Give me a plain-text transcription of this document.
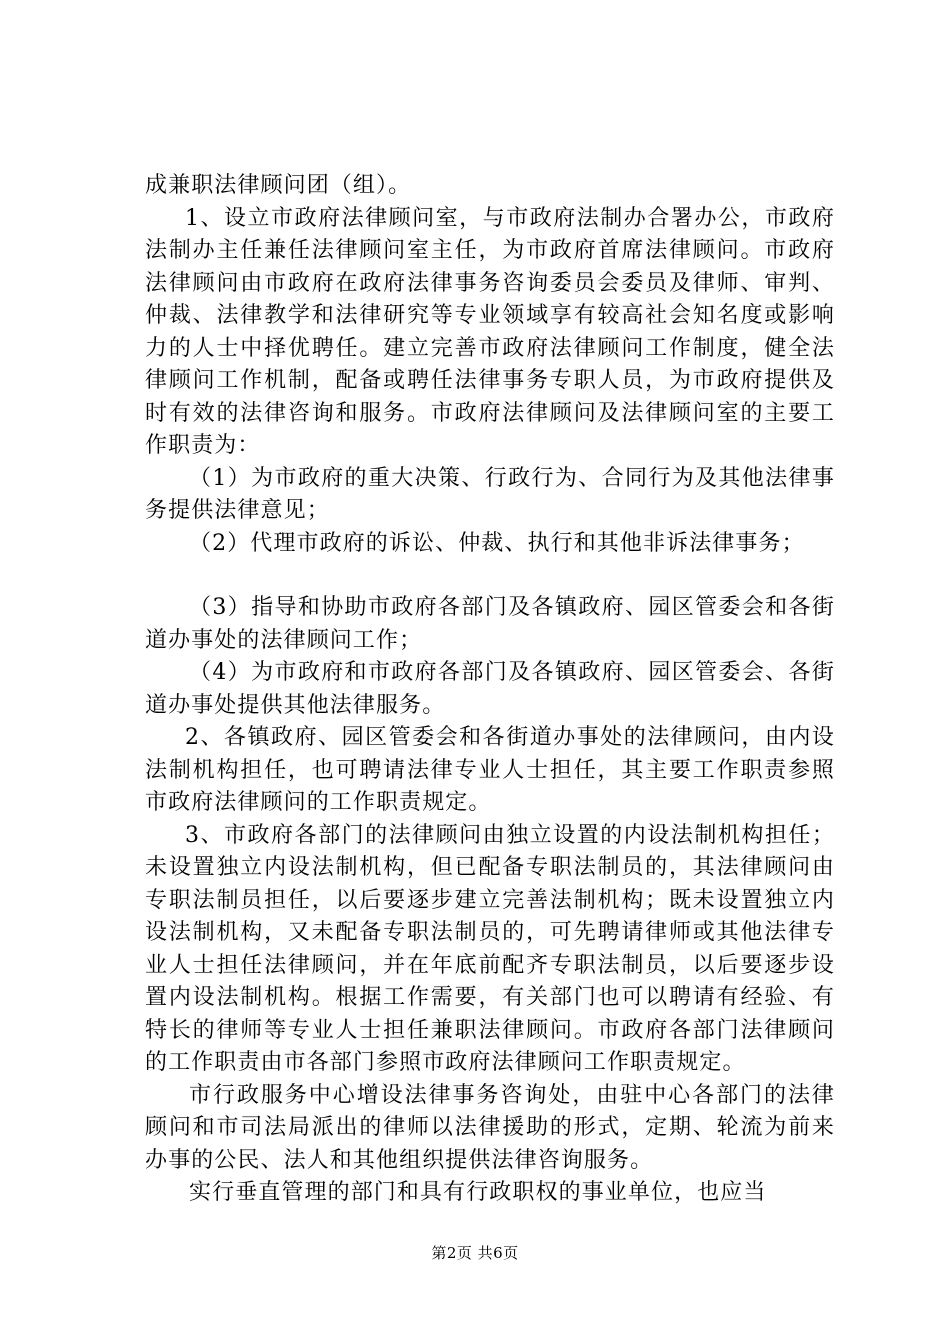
成兼职法律顾问团（组）。

1、设立市政府法律顾问室，与市政府法制办合署办公，市政府法制办主任兼任法律顾问室主任，为市政府首席法律顾问。市政府法律顾问由市政府在政府法律事务咨询委员会委员及律师、审判、仲裁、法律教学和法律研究等专业领域享有较高社会知名度或影响力的人士中择优聘任。建立完善市政府法律顾问工作制度，健全法律顾问工作机制，配备或聘任法律事务专职人员，为市政府提供及时有效的法律咨询和服务。市政府法律顾问及法律顾问室的主要工作职责为：

（1）为市政府的重大决策、行政行为、合同行为及其他法律事务提供法律意见；

（2）代理市政府的诉讼、仲裁、执行和其他非诉法律事务；

（3）指导和协助市政府各部门及各镇政府、园区管委会和各街道办事处的法律顾问工作；

（4）为市政府和市政府各部门及各镇政府、园区管委会、各街道办事处提供其他法律服务。

2、各镇政府、园区管委会和各街道办事处的法律顾问，由内设法制机构担任，也可聘请法律专业人士担任，其主要工作职责参照市政府法律顾问的工作职责规定。

3、市政府各部门的法律顾问由独立设置的内设法制机构担任；未设置独立内设法制机构，但已配备专职法制员的，其法律顾问由专职法制员担任，以后要逐步建立完善法制机构；既未设置独立内设法制机构，又未配备专职法制员的，可先聘请律师或其他法律专业人士担任法律顾问，并在年底前配齐专职法制员，以后要逐步设置内设法制机构。根据工作需要，有关部门也可以聘请有经验、有特长的律师等专业人士担任兼职法律顾问。市政府各部门法律顾问的工作职责由市各部门参照市政府法律顾问工作职责规定。

市行政服务中心增设法律事务咨询处，由驻中心各部门的法律顾问和市司法局派出的律师以法律援助的形式，定期、轮流为前来办事的公民、法人和其他组织提供法律咨询服务。

实行垂直管理的部门和具有行政职权的事业单位，也应当

第2页 共6页
